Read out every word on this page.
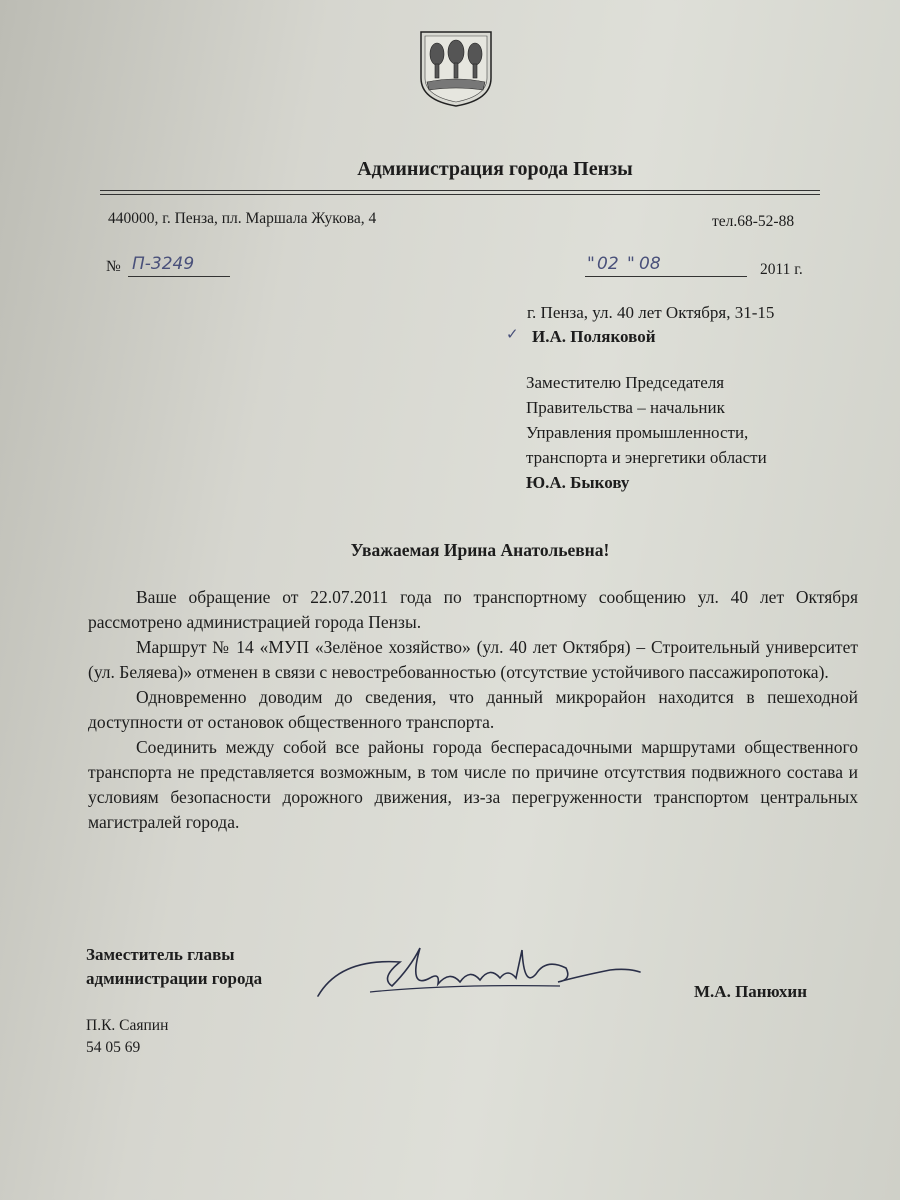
Администрация города Пензы
440000, г. Пенза, пл. Маршала Жукова, 4	тел.68-52-88
№ П-3249	" 02 " 08	2011 г.
г. Пенза, ул. 40 лет Октября, 31-15
✓ И.А. Поляковой
Заместителю Председателя
Правительства – начальник
Управления промышленности,
транспорта и энергетики области
Ю.А. Быкову
Уважаемая Ирина Анатольевна!

Ваше обращение от 22.07.2011 года по транспортному сообщению ул. 40 лет Октября рассмотрено администрацией города Пензы.

Маршрут № 14 «МУП «Зелёное хозяйство» (ул. 40 лет Октября) – Строительный университет (ул. Беляева)» отменен в связи с невостребованностью (отсутствие устойчивого пассажиропотока).

Одновременно доводим до сведения, что данный микрорайон находится в пешеходной доступности от остановок общественного транспорта.

Соединить между собой все районы города бесперасадочными маршрутами общественного транспорта не представляется возможным, в том числе по причине отсутствия подвижного состава и условиям безопасности дорожного движения, из-за перегруженности транспортом центральных магистралей города.

Заместитель главы
администрации города
М.А. Панюхин
П.К. Саяпин
54 05 69
